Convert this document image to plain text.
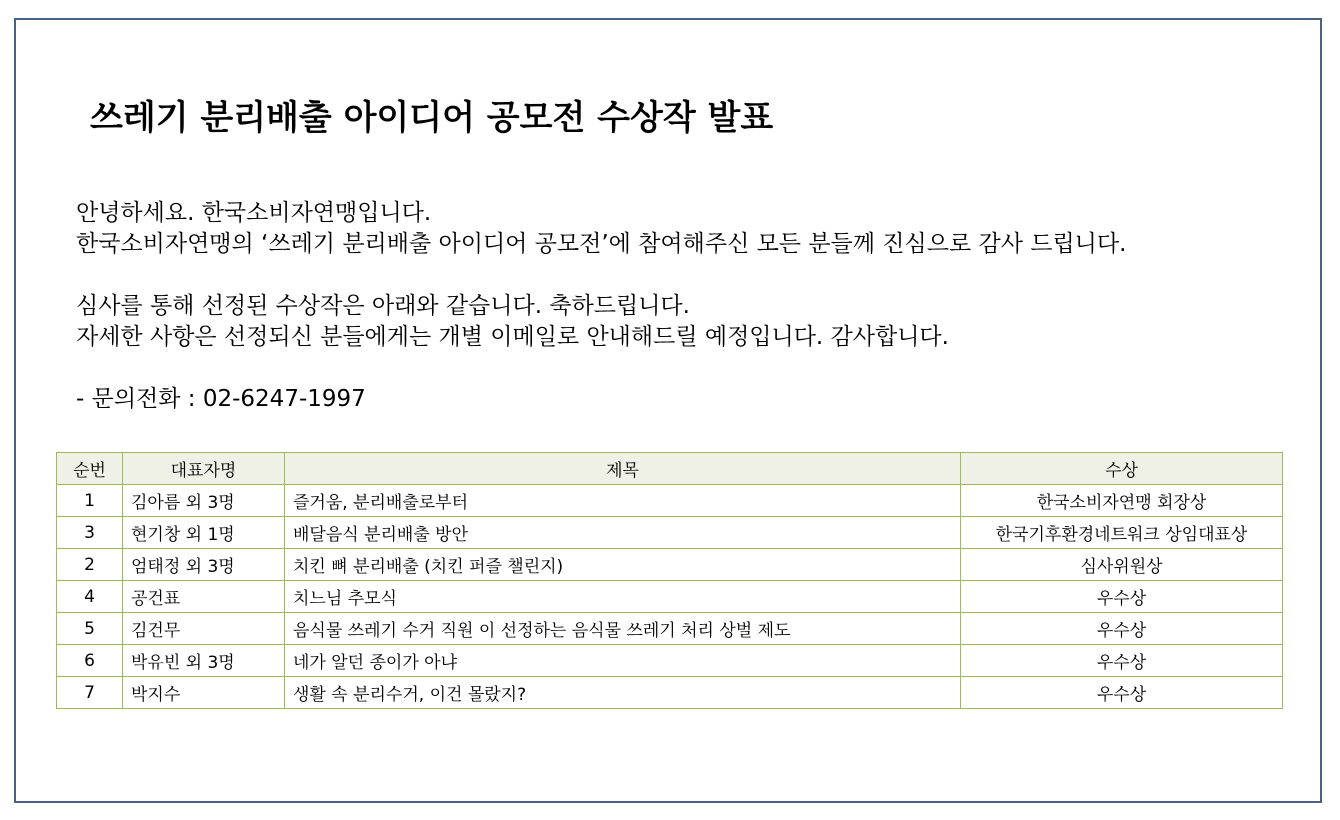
쓰레기 분리배출 아이디어 공모전 수상작 발표
안녕하세요. 한국소비자연맹입니다.
한국소비자연맹의 ‘쓰레기 분리배출 아이디어 공모전’에 참여해주신 모든 분들께 진심으로 감사 드립니다.
심사를 통해 선정된 수상작은 아래와 같습니다. 축하드립니다.
자세한 사항은 선정되신 분들에게는 개별 이메일로 안내해드릴 예정입니다. 감사합니다.
- 문의전화 : 02-6247-1997
순번	대표자명	제목	수상
1	김아름 외 3명	즐거움, 분리배출로부터	한국소비자연맹 회장상
3	현기창 외 1명	배달음식 분리배출 방안	한국기후환경네트워크 상임대표상
2	엄태정 외 3명	치킨 뼈 분리배출 (치킨 퍼즐 챌린지)	심사위원상
4	공건표	치느님 추모식	우수상
5	김건무	음식물 쓰레기 수거 직원 이 선정하는 음식물 쓰레기 처리 상벌 제도	우수상
6	박유빈 외 3명	네가 알던 종이가 아냐	우수상
7	박지수	생활 속 분리수거, 이건 몰랐지?	우수상
